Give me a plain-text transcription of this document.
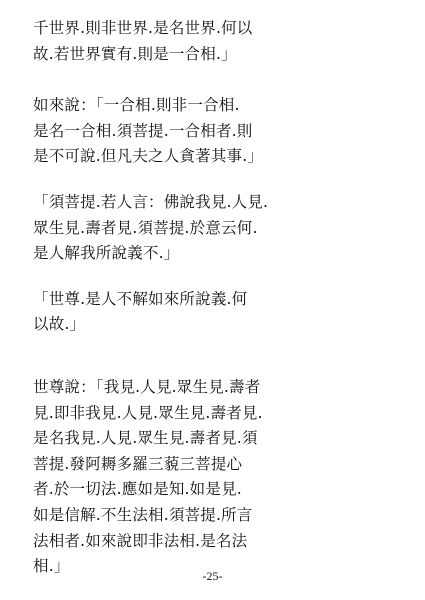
千世界.則非世界.是名世界.何以
故.若世界實有.則是一合相.」
如來說：「一合相.則非一合相.
是名一合相.須菩提.一合相者.則
是不可說.但凡夫之人貪著其事.」
「須菩提.若人言：佛說我見.人見.
眾生見.壽者見.須菩提.於意云何.
是人解我所說義不.」
「世尊.是人不解如來所說義.何
以故.」
世尊說：「我見.人見.眾生見.壽者
見.即非我見.人見.眾生見.壽者見.
是名我見.人見.眾生見.壽者見.須
菩提.發阿耨多羅三藐三菩提心
者.於一切法.應如是知.如是見.
如是信解.不生法相.須菩提.所言
法相者.如來說即非法相.是名法
相.」
-25-
